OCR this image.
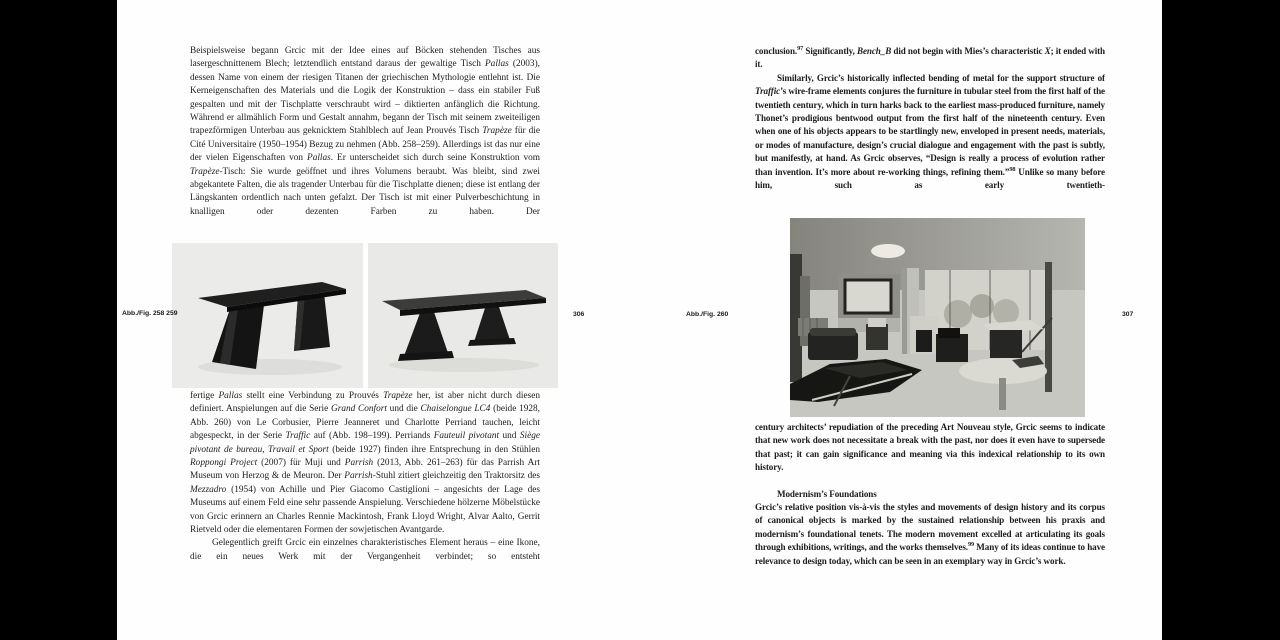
Beispielsweise begann Grcic mit der Idee eines auf Böcken stehenden Tisches aus lasergeschnittenem Blech; letztendlich entstand daraus der gewaltige Tisch Pallas (2003), dessen Name von einem der riesigen Titanen der griechischen Mythologie entlehnt ist. Die Kerneigenschaften des Materials und die Logik der Konstruktion – dass ein stabiler Fuß gespalten und mit der Tischplatte verschraubt wird – diktierten anfänglich die Richtung. Während er allmählich Form und Gestalt annahm, begann der Tisch mit seinem zweiteiligen trapezförmigen Unterbau aus geknicktem Stahlblech auf Jean Prouvés Tisch Trapèze für die Cité Universitaire (1950–1954) Bezug zu nehmen (Abb. 258–259). Allerdings ist das nur eine der vielen Eigenschaften von Pallas. Er unterscheidet sich durch seine Konstruktion vom Trapèze-Tisch: Sie wurde geöffnet und ihres Volumens beraubt. Was bleibt, sind zwei abgekantete Falten, die als tragender Unterbau für die Tischplatte dienen; diese ist entlang der Längskanten ordentlich nach unten gefalzt. Der Tisch ist mit einer Pulverbeschichtung in knalligen oder dezenten Farben zu haben. Der

fertige Pallas stellt eine Verbindung zu Prouvés Trapèze her, ist aber nicht durch diesen definiert. Anspielungen auf die Serie Grand Confort und die Chaiselongue LC4 (beide 1928, Abb. 260) von Le Corbusier, Pierre Jeanneret und Charlotte Perriand tauchen, leicht abgespeckt, in der Serie Traffic auf (Abb. 198–199). Perriands Fauteuil pivotant und Siège pivotant de bureau, Travail et Sport (beide 1927) finden ihre Entsprechung in den Stühlen Roppongi Project (2007) für Muji und Parrish (2013, Abb. 261–263) für das Parrish Art Museum von Herzog & de Meuron. Der Parrish-Stuhl zitiert gleichzeitig den Traktorsitz des Mezzadro (1954) von Achille und Pier Giacomo Castiglioni – angesichts der Lage des Museums auf einem Feld eine sehr passende Anspielung. Verschiedene hölzerne Möbelstücke von Grcic erinnern an Charles Rennie Mackintosh, Frank Lloyd Wright, Alvar Aalto, Gerrit Rietveld oder die elementaren Formen der sowjetischen Avantgarde.

Gelegentlich greift Grcic ein einzelnes charakteristisches Element heraus – eine Ikone, die ein neues Werk mit der Vergangenheit verbindet; so entsteht

Abb./Fig. 258 259	306	Abb./Fig. 260	307

conclusion.$^{97}$ Significantly, Bench_B did not begin with Mies’s characteristic X; it ended with it.

Similarly, Grcic’s historically inflected bending of metal for the support structure of Traffic’s wire-frame elements conjures the furniture in tubular steel from the first half of the twentieth century, which in turn harks back to the earliest mass-produced furniture, namely Thonet’s prodigious bentwood output from the first half of the nineteenth century. Even when one of his objects appears to be startlingly new, enveloped in present needs, materials, or modes of manufacture, design’s crucial dialogue and engagement with the past is subtly, but manifestly, at hand. As Grcic observes, “Design is really a process of evolution rather than invention. It’s more about re-working things, refining them.”$^{98}$ Unlike so many before him, such as early twentieth-

century architects’ repudiation of the preceding Art Nouveau style, Grcic seems to indicate that new work does not necessitate a break with the past, nor does it even have to supersede that past; it can gain significance and meaning via this indexical relationship to its own history.

Modernism’s Foundations

Grcic’s relative position vis-à-vis the styles and movements of design history and its corpus of canonical objects is marked by the sustained relationship between his praxis and modernism’s foundational tenets. The modern movement excelled at articulating its goals through exhibitions, writings, and the works themselves.$^{99}$ Many of its ideas continue to have relevance to design today, which can be seen in an exemplary way in Grcic’s work.
